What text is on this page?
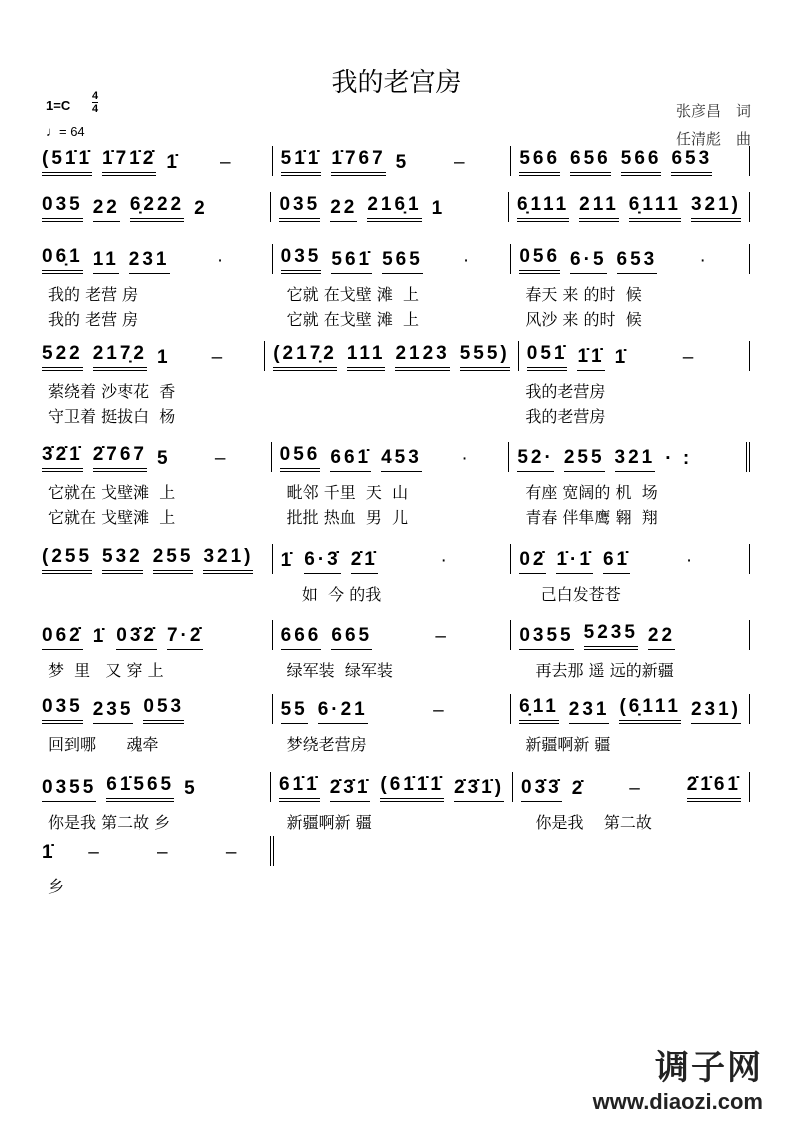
我的老宫房
$1=C \frac{4}{4}$
♩= 64
张彦昌　词
任清彪　曲
(51̇1̇ 1̇71̇2̇ 1̇	–	51̇1̇ 1̇767 5	–	566 656 566 653
035 22 6̣222 2	035 22 216̣1 1	6̣111 211 6̣111 321)
06̣1 11 231	·	035 561̇ 565	·	056 6·5 653	·
我的 老营 房	它就 在戈壁 滩  上	春天 来 的时  候
我的 老营 房	它就 在戈壁 滩  上	风沙 来 的时  候
522 217̣2 1	–	(217̣2 111 2123 555) 051̇ 1̇1̇ 1̇	–
萦绕着 沙枣花  香	我的老营房
守卫着 挺拔白  杨	我的老营房
3̇2̇1̇ 2̇767 5	–	056 661̇ 453	·	52· 255 321 · :
它就在 戈壁滩  上	毗邻 千里  天  山	有座 宽阔的 机  场
它就在 戈壁滩  上	批批 热血  男  儿	青春 伴隼鹰 翱  翔
(255 532 255 321) 1̇ 6·3̇ 2̇1̇	·	02̇ 1̇·1̇ 61̇	·
如  今 的我	己白发苍苍
062̇ 1̇ 03̇2̇ 7·2̇	666 665	–	0355 5235 22
梦  里   又 穿 上	绿军装  绿军装	再去那 遥 远的新疆
035 235 053	55 6·21	–	6̣11 231 (6̣111 231)
回到哪      魂牵	梦绕老营房	新疆啊新 疆
0355 61̇565 5	61̇1̇ 2̇3̇1̇ (61̇1̇1̇ 2̇3̇1̇) 03̇3̇ 2̇	–	2̇1̇61̇
你是我 第二故 乡	新疆啊新 疆	你是我    第二故
1̇	–	–	–
乡
调子网
www.diaozi.com
